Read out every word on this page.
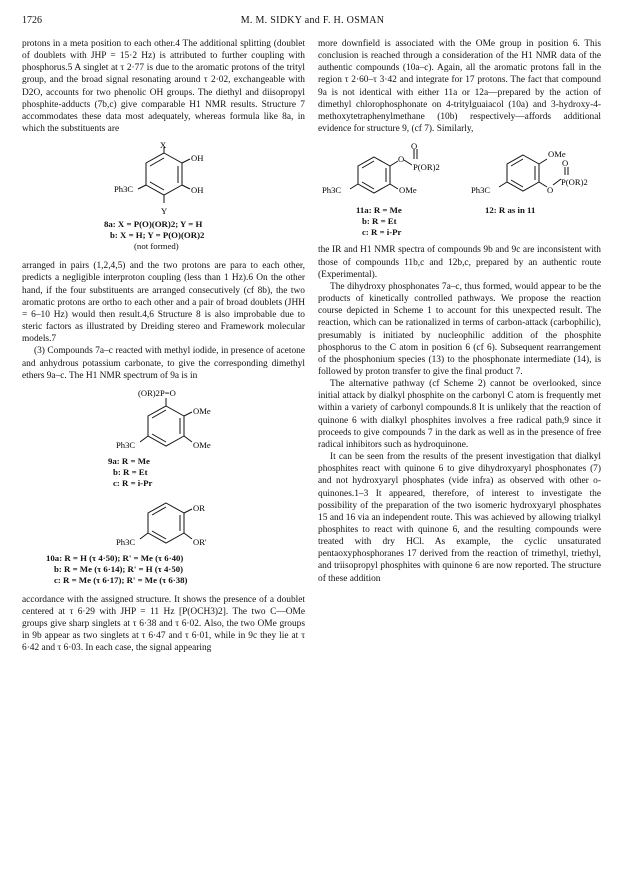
1726	M. M. SIDKY and F. H. OSMAN

protons in a meta position to each other.4 The additional splitting (doublet of doublets with JHP = 15·2 Hz) is attributed to further coupling with phosphorus.5 A singlet at τ 2·77 is due to the aromatic protons of the trityl group, and the broad signal resonating around τ 2·02, exchangeable with D2O, accounts for two phenolic OH groups. The diethyl and diisopropyl phosphite-adducts (7b,c) give comparable H1 NMR results. Structure 7 accommodates these data most adequately, whereas formula like 8a, in which the substituents are

X
OH
OH
Ph3C
Y
8a: X = P(O)(OR)2; Y = H
b: X = H; Y = P(O)(OR)2
(not formed)

arranged in pairs (1,2,4,5) and the two protons are para to each other, predicts a negligible interproton coupling (less than 1 Hz).6 On the other hand, if the four substituents are arranged consecutively (cf 8b), the two aromatic protons are ortho to each other and a pair of broad doublets (JHH = 6–10 Hz) would then result.4,6 Structure 8 is also improbable due to steric factors as illustrated by Dreiding stereo and Framework molecular models.7

(3) Compounds 7a–c reacted with methyl iodide, in presence of acetone and anhydrous potassium carbonate, to give the corresponding dimethyl ethers 9a–c. The H1 NMR spectrum of 9a is in

(OR)2P=O
OMe
OMe
Ph3C
9a: R = Me
b: R = Et
c: R = i-Pr
OR
OR'
Ph3C
10a: R = H (τ 4·50); R' = Me (τ 6·40)
b: R = Me (τ 6·14); R' = H (τ 4·50)
c: R = Me (τ 6·17); R' = Me (τ 6·38)

accordance with the assigned structure. It shows the presence of a doublet centered at τ 6·29 with JHP = 11 Hz [P(OCH3)2]. The two C—OMe groups give sharp singlets at τ 6·38 and τ 6·02. Also, the two OMe groups in 9b appear as two singlets at τ 6·47 and τ 6·01, while in 9c they lie at τ 6·42 and τ 6·03. In each case, the signal appearing

more downfield is associated with the OMe group in position 6. This conclusion is reached through a consideration of the H1 NMR data of the authentic compounds (10a–c). Again, all the aromatic protons fall in the region τ 2·60–τ 3·42 and integrate for 17 protons. The fact that compound 9a is not identical with either 11a or 12a—prepared by the action of dimethyl chlorophosphonate on 4-tritylguaiacol (10a) and 3-hydroxy-4-methoxytetraphenylmethane (10b) respectively—affords additional evidence for structure 9, (cf 7). Similarly,

O
O
P(OR)2
OMe
Ph3C
11a: R = Me
b: R = Et
c: R = i-Pr
OMe
O
O
P(OR)2
Ph3C
12: R as in 11

the IR and H1 NMR spectra of compounds 9b and 9c are inconsistent with those of compounds 11b,c and 12b,c, prepared by an authentic route (Experimental).

The dihydroxy phosphonates 7a–c, thus formed, would appear to be the products of kinetically controlled pathways. We propose the reaction course depicted in Scheme 1 to account for this unexpected result. The reaction, which can be rationalized in terms of carbon-attack (carbophilic), presumably is initiated by nucleophilic addition of the phosphite phosphorus to the C atom in position 6 (cf 6). Subsequent rearrangement of the phosphonium species (13) to the phosphonate intermediate (14), is followed by proton transfer to give the final product 7.

The alternative pathway (cf Scheme 2) cannot be overlooked, since initial attack by dialkyl phosphite on the carbonyl C atom is frequently met within a variety of carbonyl compounds.8 It is unlikely that the reaction of quinone 6 with dialkyl phosphites involves a free radical path,9 since it proceeds to give compounds 7 in the dark as well as in the presence of free radical inhibitors such as hydroquinone.

It can be seen from the results of the present investigation that dialkyl phosphites react with quinone 6 to give dihydroxyaryl phosphonates (7) and not hydroxyaryl phosphates (vide infra) as observed with other o-quinones.1–3 It appeared, therefore, of interest to investigate the possibility of the preparation of the two isomeric hydroxyaryl phosphates 15 and 16 via an independent route. This was achieved by allowing trialkyl phosphites to react with quinone 6, and the resulting compounds were treated with dry HCl. As example, the cyclic unsaturated pentaoxyphosphoranes 17 derived from the reaction of trimethyl, triethyl, and triisopropyl phosphites with quinone 6 are now reported. The structure of these addition
